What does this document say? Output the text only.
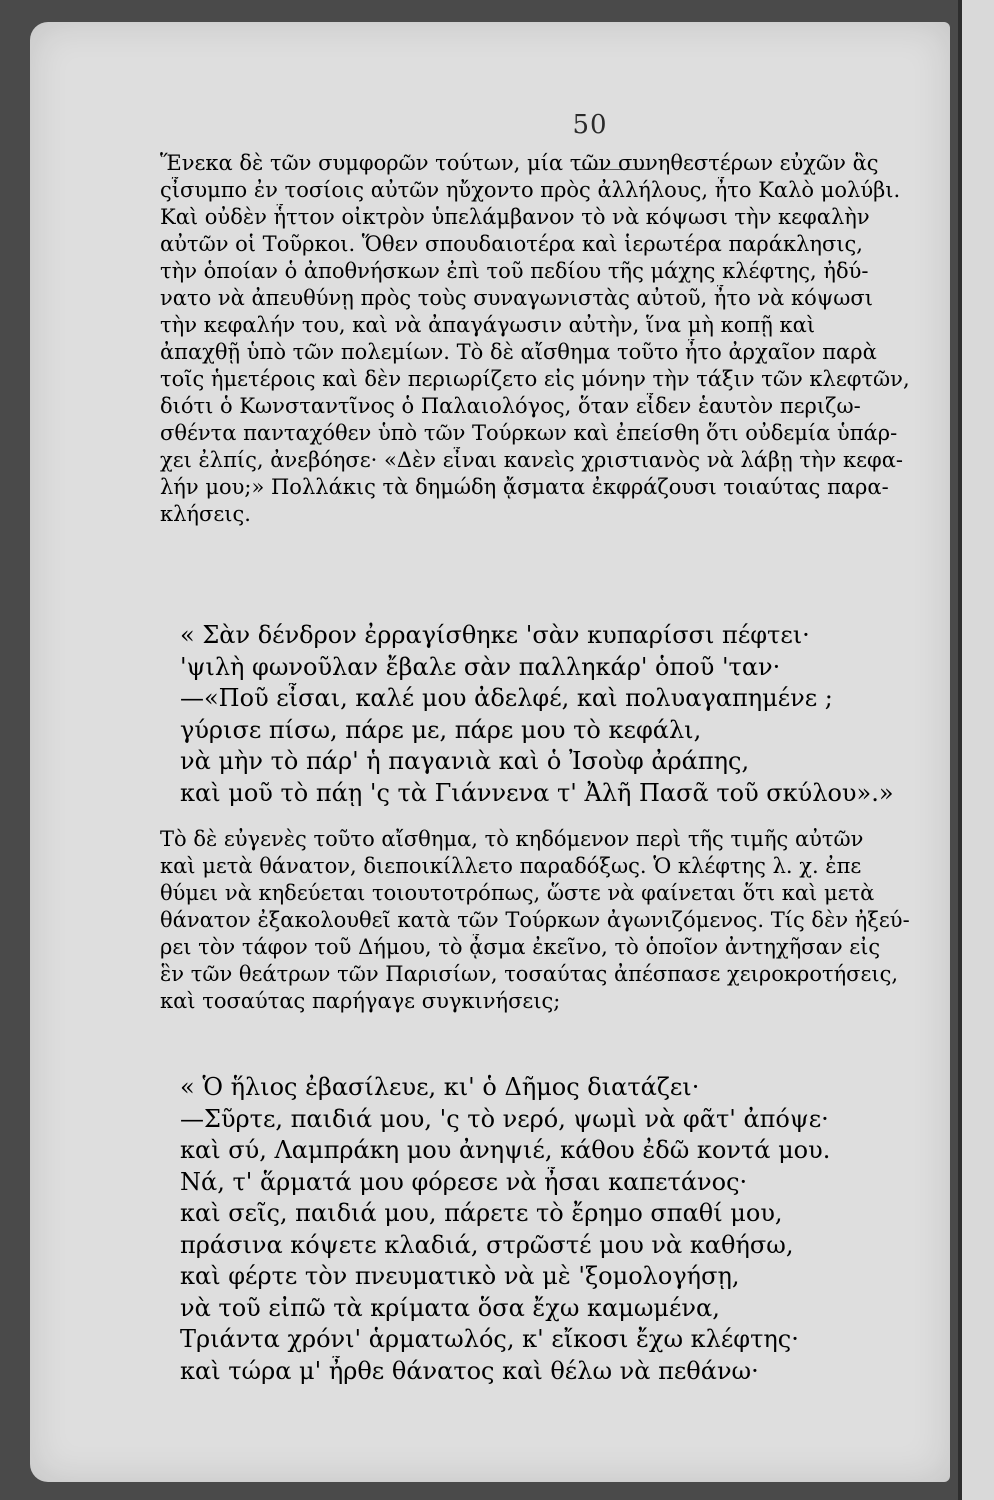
50
Ἕνεκα δὲ τῶν συμφορῶν τούτων, μία τῶν συνηθεστέρων εὐχῶν ἃς
ςἶσυμπο ἐν τοσίοις αὐτῶν ηὔχοντο πρὸς ἀλλήλους, ἦτο Καλὸ μολύβι.
Καὶ οὐδὲν ἧττον οἰκτρὸν ὑπελάμβανον τὸ νὰ κόψωσι τὴν κεφαλὴν
αὐτῶν οἱ Τοῦρκοι. Ὅθεν σπουδαιοτέρα καὶ ἱερωτέρα παράκλησις,
τὴν ὁποίαν ὁ ἀποθνήσκων ἐπὶ τοῦ πεδίου τῆς μάχης κλέφτης, ἠδύ-
νατο νὰ ἀπευθύνῃ πρὸς τοὺς συναγωνιστὰς αὐτοῦ, ἦτο νὰ κόψωσι
τὴν κεφαλήν του, καὶ νὰ ἀπαγάγωσιν αὐτὴν, ἵνα μὴ κοπῇ καὶ
ἀπαχθῇ ὑπὸ τῶν πολεμίων. Τὸ δὲ αἴσθημα τοῦτο ἦτο ἀρχαῖον παρὰ
τοῖς ἡμετέροις καὶ δὲν περιωρίζετο εἰς μόνην τὴν τάξιν τῶν κλεφτῶν,
διότι ὁ Κωνσταντῖνος ὁ Παλαιολόγος, ὅταν εἶδεν ἑαυτὸν περιζω-
σθέντα πανταχόθεν ὑπὸ τῶν Τούρκων καὶ ἐπείσθη ὅτι οὐδεμία ὑπάρ-
χει ἐλπίς, ἀνεβόησε· «Δὲν εἶναι κανεὶς χριστιανὸς νὰ λάβῃ τὴν κεφα-
λήν μου;» Πολλάκις τὰ δημώδη ᾄσματα ἐκφράζουσι τοιαύτας παρα-
κλήσεις.
« Σὰν δένδρον ἐρραγίσθηκε 'σὰν κυπαρίσσι πέφτει·
'ψιλὴ φωνοῦλαν ἔβαλε σὰν παλληκάρ' ὁποῦ 'ταν·
—«Ποῦ εἶσαι, καλέ μου ἀδελφέ, καὶ πολυαγαπημένε ;
γύρισε πίσω, πάρε με, πάρε μου τὸ κεφάλι,
νὰ μὴν τὸ πάρ' ἡ παγανιὰ καὶ ὁ Ἰσοὺφ ἀράπης,
καὶ μοῦ τὸ πάῃ 'ς τὰ Γιάννενα τ' Ἀλῆ Πασᾶ τοῦ σκύλου».»
Τὸ δὲ εὐγενὲς τοῦτο αἴσθημα, τὸ κηδόμενον περὶ τῆς τιμῆς αὐτῶν
καὶ μετὰ θάνατον, διεποικίλλετο παραδόξως. Ὁ κλέφτης λ. χ. ἐπε
θύμει νὰ κηδεύεται τοιουτοτρόπως, ὥστε νὰ φαίνεται ὅτι καὶ μετὰ
θάνατον ἐξακολουθεῖ κατὰ τῶν Τούρκων ἀγωνιζόμενος. Τίς δὲν ἠξεύ-
ρει τὸν τάφον τοῦ Δήμου, τὸ ᾆσμα ἐκεῖνο, τὸ ὁποῖον ἀντηχῆσαν εἰς
ἓν τῶν θεάτρων τῶν Παρισίων, τοσαύτας ἀπέσπασε χειροκροτήσεις,
καὶ τοσαύτας παρήγαγε συγκινήσεις;
« Ὁ ἥλιος ἐβασίλευε, κι' ὁ Δῆμος διατάζει·
—Σῦρτε, παιδιά μου, 'ς τὸ νερό, ψωμὶ νὰ φᾶτ' ἀπόψε·
καὶ σύ, Λαμπράκη μου ἀνηψιέ, κάθου ἐδῶ κοντά μου.
Νά, τ' ἅρματά μου φόρεσε νὰ ἦσαι καπετάνος·
καὶ σεῖς, παιδιά μου, πάρετε τὸ ἔρημο σπαθί μου,
πράσινα κόψετε κλαδιά, στρῶστέ μου νὰ καθήσω,
καὶ φέρτε τὸν πνευματικὸ νὰ μὲ 'ξομολογήσῃ,
νὰ τοῦ εἰπῶ τὰ κρίματα ὅσα ἔχω καμωμένα,
Τριάντα χρόνι' ἁρματωλός, κ' εἴκοσι ἔχω κλέφτης·
καὶ τώρα μ' ἦρθε θάνατος καὶ θέλω νὰ πεθάνω·
